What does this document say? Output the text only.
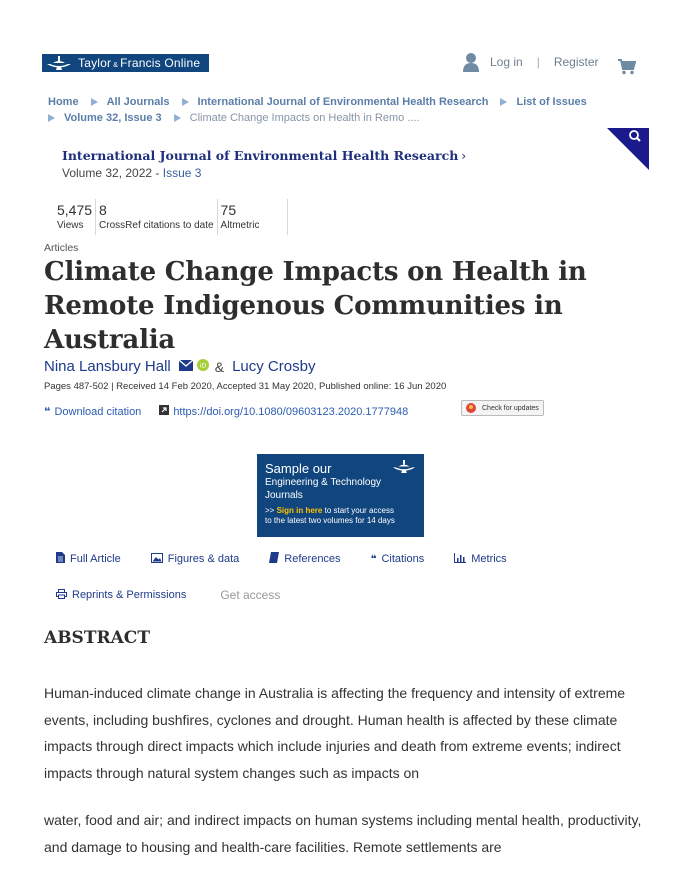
Taylor & Francis Online	Log in | Register
Home	All Journals	International Journal of Environmental Health Research	List of Issues
Volume 32, Issue 3	Climate Change Impacts on Health in Remo ....
International Journal of Environmental Health Research ›
Volume 32, 2022 - Issue 3
5,475
Views
8
CrossRef citations to date
75
Altmetric
Articles
Climate Change Impacts on Health in Remote Indigenous Communities in Australia
Nina Lansbury Hall	iD & Lucy Crosby
Pages 487-502 | Received 14 Feb 2020, Accepted 31 May 2020, Published online: 16 Jun 2020
❝ Download citation	https://doi.org/10.1080/09603123.2020.1777948	Check for updates
Sample our
Engineering & Technology
Journals
>> Sign in here to start your access
to the latest two volumes for 14 days
Full Article	Figures & data	References	❝ Citations	Metrics
Reprints & Permissions	Get access
ABSTRACT

Human-induced climate change in Australia is affecting the frequency and intensity of extreme events, including bushfires, cyclones and drought. Human health is affected by these climate impacts through direct impacts which include injuries and death from extreme events; indirect impacts through natural system changes such as impacts on

water, food and air; and indirect impacts on human systems including mental health, productivity, and damage to housing and health-care facilities. Remote settlements are
